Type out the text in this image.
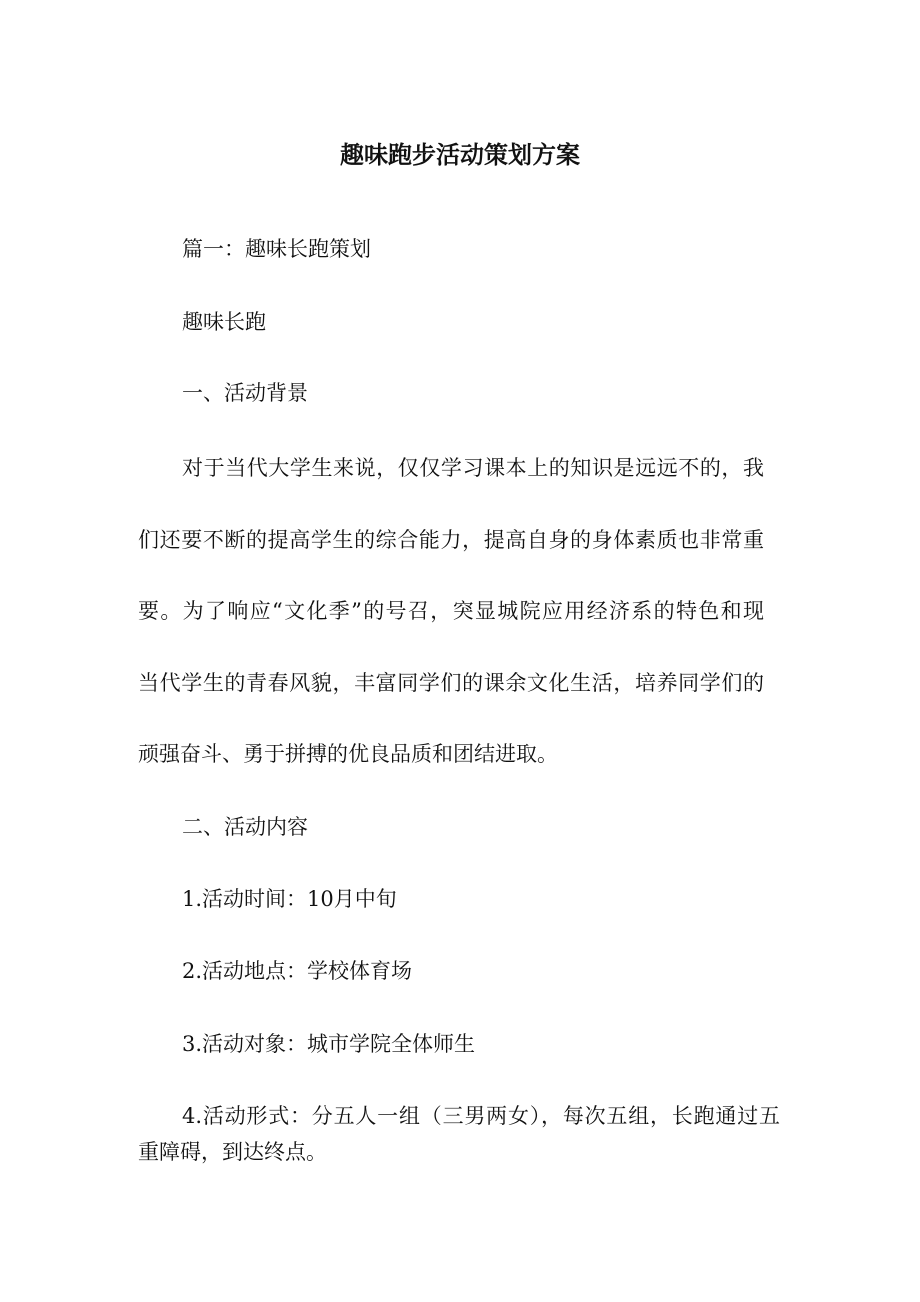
趣味跑步活动策划方案
篇一：趣味长跑策划
趣味长跑
一、活动背景
对于当代大学生来说，仅仅学习课本上的知识是远远不的，我
们还要不断的提高学生的综合能力，提高自身的身体素质也非常重
要。为了响应“文化季”的号召，突显城院应用经济系的特色和现
当代学生的青春风貌，丰富同学们的课余文化生活，培养同学们的
顽强奋斗、勇于拼搏的优良品质和团结进取。
二、活动内容
1.活动时间：10月中旬
2.活动地点：学校体育场
3.活动对象：城市学院全体师生
4.活动形式：分五人一组（三男两女），每次五组，长跑通过五
重障碍，到达终点。
